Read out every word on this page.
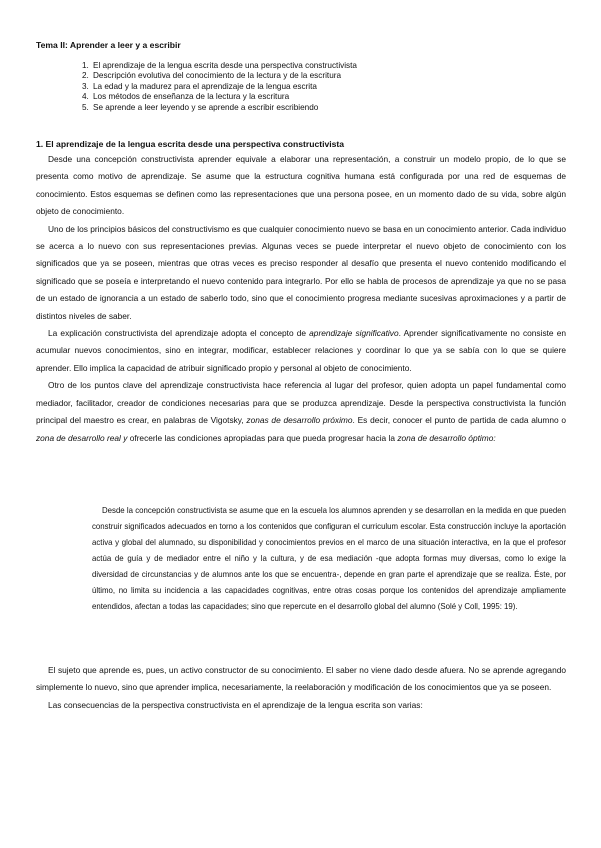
Tema II: Aprender a leer y a escribir
1. El aprendizaje de la lengua escrita desde una perspectiva constructivista
2. Descripción evolutiva del conocimiento de la lectura y de la escritura
3. La edad y la madurez para el aprendizaje de la lengua escrita
4. Los métodos de enseñanza de la lectura y la escritura
5. Se aprende a leer leyendo y se aprende a escribir escribiendo
1. El aprendizaje de la lengua escrita desde una perspectiva constructivista

Desde una concepción constructivista aprender equivale a elaborar una representación, a construir un modelo propio, de lo que se presenta como motivo de aprendizaje. Se asume que la estructura cognitiva humana está configurada por una red de esquemas de conocimiento. Estos esquemas se definen como las representaciones que una persona posee, en un momento dado de su vida, sobre algún objeto de conocimiento.

Uno de los principios básicos del constructivismo es que cualquier conocimiento nuevo se basa en un conocimiento anterior. Cada individuo se acerca a lo nuevo con sus representaciones previas. Algunas veces se puede interpretar el nuevo objeto de conocimiento con los significados que ya se poseen, mientras que otras veces es preciso responder al desafío que presenta el nuevo contenido modificando el significado que se poseía e interpretando el nuevo contenido para integrarlo. Por ello se habla de procesos de aprendizaje ya que no se pasa de un estado de ignorancia a un estado de saberlo todo, sino que el conocimiento progresa mediante sucesivas aproximaciones y a partir de distintos niveles de saber.

La explicación constructivista del aprendizaje adopta el concepto de aprendizaje significativo. Aprender significativamente no consiste en acumular nuevos conocimientos, sino en integrar, modificar, establecer relaciones y coordinar lo que ya se sabía con lo que se quiere aprender. Ello implica la capacidad de atribuir significado propio y personal al objeto de conocimiento.

Otro de los puntos clave del aprendizaje constructivista hace referencia al lugar del profesor, quien adopta un papel fundamental como mediador, facilitador, creador de condiciones necesarias para que se produzca aprendizaje. Desde la perspectiva constructivista la función principal del maestro es crear, en palabras de Vigotsky, zonas de desarrollo próximo. Es decir, conocer el punto de partida de cada alumno o zona de desarrollo real y ofrecerle las condiciones apropiadas para que pueda progresar hacia la zona de desarrollo óptimo:

Desde la concepción constructivista se asume que en la escuela los alumnos aprenden y se desarrollan en la medida en que pueden construir significados adecuados en torno a los contenidos que configuran el curriculum escolar. Esta construcción incluye la aportación activa y global del alumnado, su disponibilidad y conocimientos previos en el marco de una situación interactiva, en la que el profesor actúa de guía y de mediador entre el niño y la cultura, y de esa mediación -que adopta formas muy diversas, como lo exige la diversidad de circunstancias y de alumnos ante los que se encuentra-, depende en gran parte el aprendizaje que se realiza. Éste, por último, no limita su incidencia a las capacidades cognitivas, entre otras cosas porque los contenidos del aprendizaje ampliamente entendidos, afectan a todas las capacidades; sino que repercute en el desarrollo global del alumno (Solé y Coll, 1995: 19).

El sujeto que aprende es, pues, un activo constructor de su conocimiento. El saber no viene dado desde afuera. No se aprende agregando simplemente lo nuevo, sino que aprender implica, necesariamente, la reelaboración y modificación de los conocimientos que ya se poseen.

Las consecuencias de la perspectiva constructivista en el aprendizaje de la lengua escrita son varias:
